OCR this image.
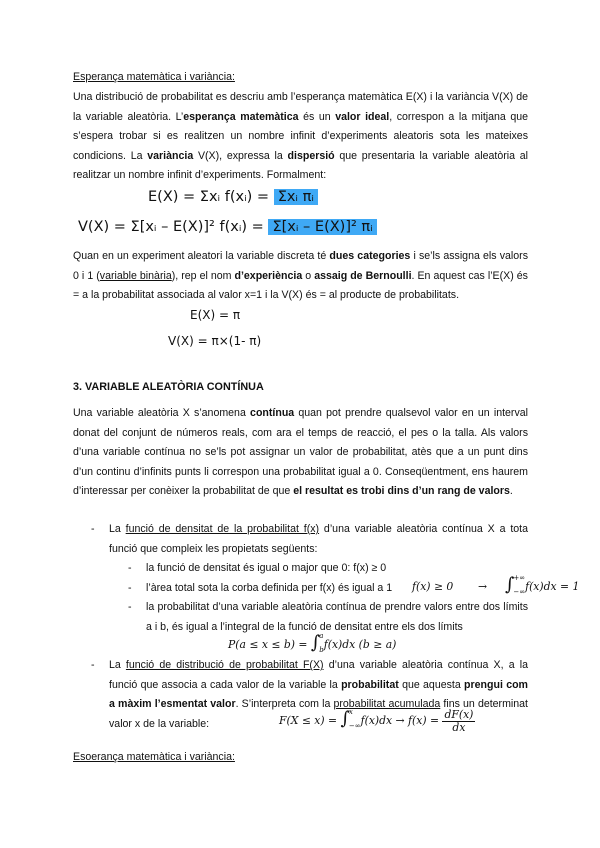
Esperança matemàtica i variància:

Una distribució de probabilitat es descriu amb l’esperança matemàtica E(X) i la variància V(X) de la variable aleatòria. L’esperança matemàtica és un valor ideal, correspon a la mitjana que s’espera trobar si es realitzen un nombre infinit d’experiments aleatoris sota les mateixes condicions. La variància V(X), expressa la dispersió que presentaria la variable aleatòria al realitzar un nombre infinit d’experiments. Formalment:

E(X) = Σxᵢ f(xᵢ) = Σxᵢ πᵢ
V(X) = Σ[xᵢ – E(X)]² f(xᵢ) = Σ[xᵢ – E(X)]² πᵢ

Quan en un experiment aleatori la variable discreta té dues categories i se’ls assigna els valors 0 i 1 (variable binària), rep el nom d’experiència o assaig de Bernoulli. En aquest cas l’E(X) és = a la probabilitat associada al valor x=1 i la V(X) és = al producte de probabilitats.

E(X) = π
V(X) = π×(1- π)

3. VARIABLE ALEATÒRIA CONTÍNUA

Una variable aleatòria X s’anomena contínua quan pot prendre qualsevol valor en un interval donat del conjunt de números reals, com ara el temps de reacció, el pes o la talla. Als valors d’una variable contínua no se’ls pot assignar un valor de probabilitat, atès que a un punt dins d’un continu d’infinits punts li correspon una probabilitat igual a 0. Conseqüentment, ens haurem d’interessar per conèixer la probabilitat de que el resultat es trobi dins d’un rang de valors.

- La funció de densitat de la probabilitat f(x) d’una variable aleatòria contínua X a tota funció que compleix les propietats següents:

- la funció de densitat és igual o major que 0: f(x) ≥ 0

- l’àrea total sota la corba definida per f(x) és igual a 1	f(x) ≥ 0 → ∫ +∞
−∞ f(x)dx = 1
- la probabilitat d’una variable aleatòria contínua de prendre valors entre dos límits a i b, és igual a l’integral de la funció de densitat entre els dos límits

P(a ≤ x ≤ b) = ∫ a
b f(x)dx (b ≥ a)
- La funció de distribució de probabilitat F(X) d’una variable aleatòria contínua X, a la funció que associa a cada valor de la variable la probabilitat que aquesta prengui com a màxim l’esmentat valor. S’interpreta com la probabilitat acumulada fins un determinat valor x de la variable:	F(X ≤ x) = ∫ x
−∞ $f(x)dx \to f(x) = \frac{dF(x)}{dx}$

Esoerança matemàtica i variància:
